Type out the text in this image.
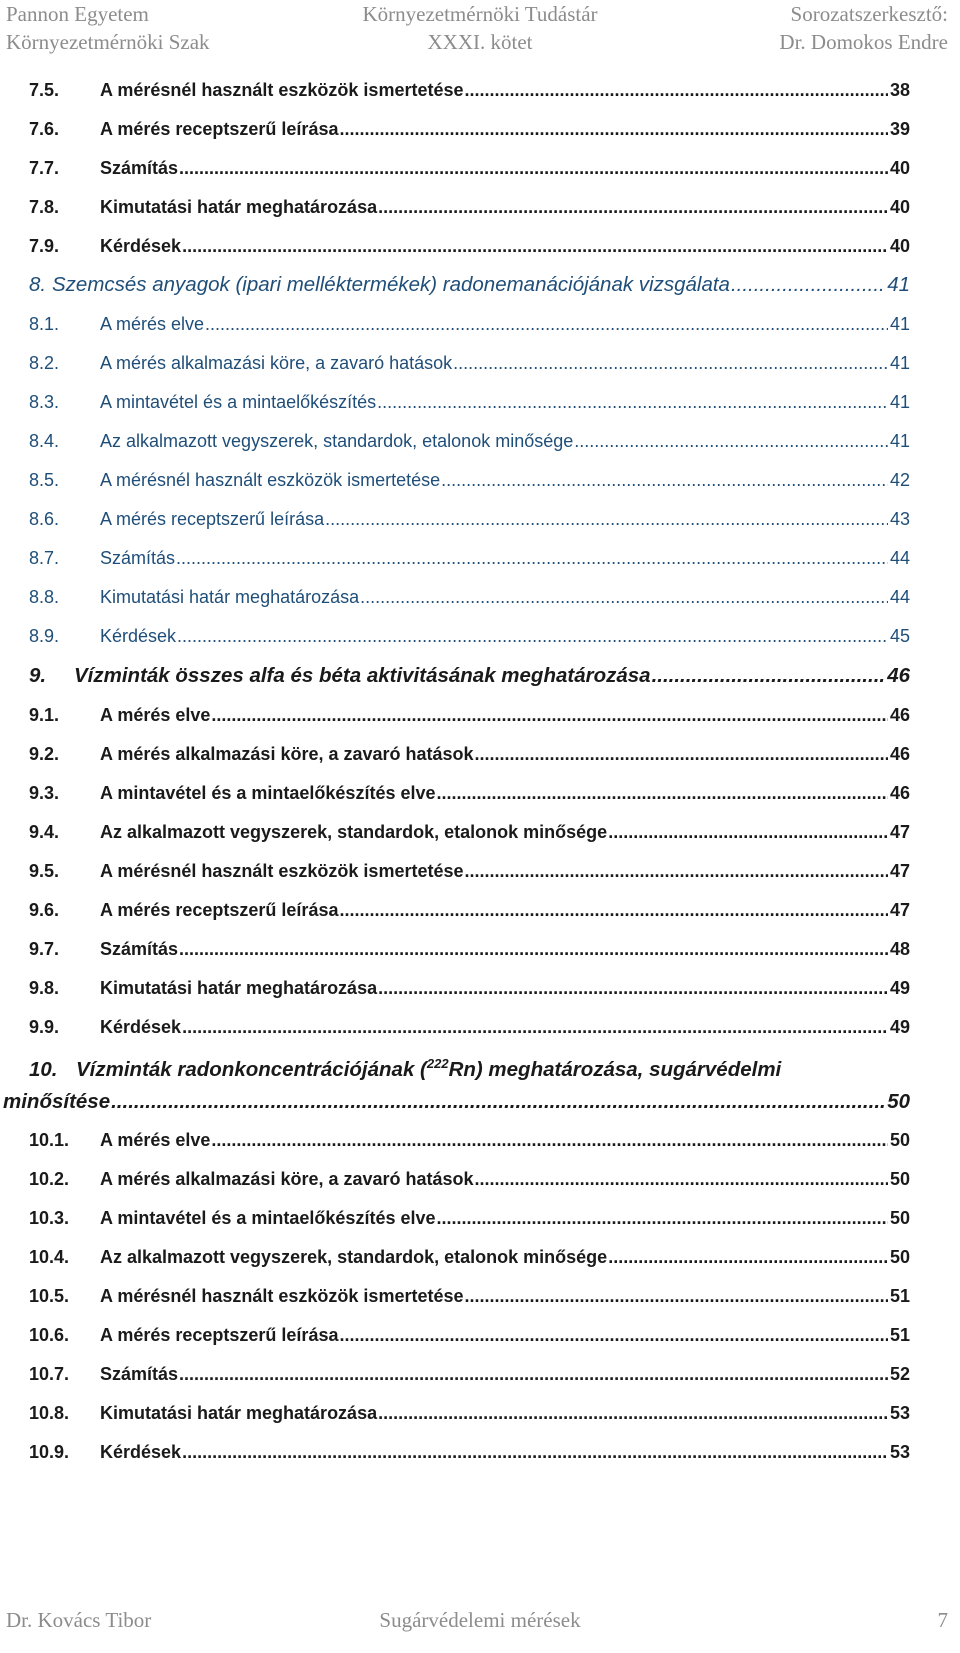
Pannon Egyetem
Környezetmérnöki Szak
Környezetmérnöki Tudástár
XXXI. kötet
Sorozatszerkesztő:
Dr. Domokos Endre
7.5.	A mérésnél használt eszközök ismertetése .....	38
7.6.	A mérés receptszerű leírása .....	39
7.7.	Számítás .....	40
7.8.	Kimutatási határ meghatározása .....	40
7.9.	Kérdések .....	40
8. Szemcsés anyagok (ipari melléktermékek) radonemanációjának vizsgálata .....	41
8.1.	A mérés elve .....	41
8.2.	A mérés alkalmazási köre, a zavaró hatások .....	41
8.3.	A mintavétel és a mintaelőkészítés .....	41
8.4.	Az alkalmazott vegyszerek, standardok, etalonok minősége .....	41
8.5.	A mérésnél használt eszközök ismertetése .....	42
8.6.	A mérés receptszerű leírása .....	43
8.7.	Számítás .....	44
8.8.	Kimutatási határ meghatározása .....	44
8.9.	Kérdések .....	45
9.	Vízminták összes alfa és béta aktivitásának meghatározása .....	46
9.1.	A mérés elve .....	46
9.2.	A mérés alkalmazási köre, a zavaró hatások .....	46
9.3.	A mintavétel és a mintaelőkészítés elve .....	46
9.4.	Az alkalmazott vegyszerek, standardok, etalonok minősége .....	47
9.5.	A mérésnél használt eszközök ismertetése .....	47
9.6.	A mérés receptszerű leírása .....	47
9.7.	Számítás .....	48
9.8.	Kimutatási határ meghatározása .....	49
9.9.	Kérdések .....	49
10. Vízminták radonkoncentrációjának ($^{222}$Rn) meghatározása, sugárvédelmi
minősítése .....	50
10.1.	A mérés elve .....	50
10.2.	A mérés alkalmazási köre, a zavaró hatások .....	50
10.3.	A mintavétel és a mintaelőkészítés elve .....	50
10.4.	Az alkalmazott vegyszerek, standardok, etalonok minősége .....	50
10.5.	A mérésnél használt eszközök ismertetése .....	51
10.6.	A mérés receptszerű leírása .....	51
10.7.	Számítás .....	52
10.8.	Kimutatási határ meghatározása .....	53
10.9.	Kérdések .....	53
Dr. Kovács Tibor	Sugárvédelemi mérések	7
